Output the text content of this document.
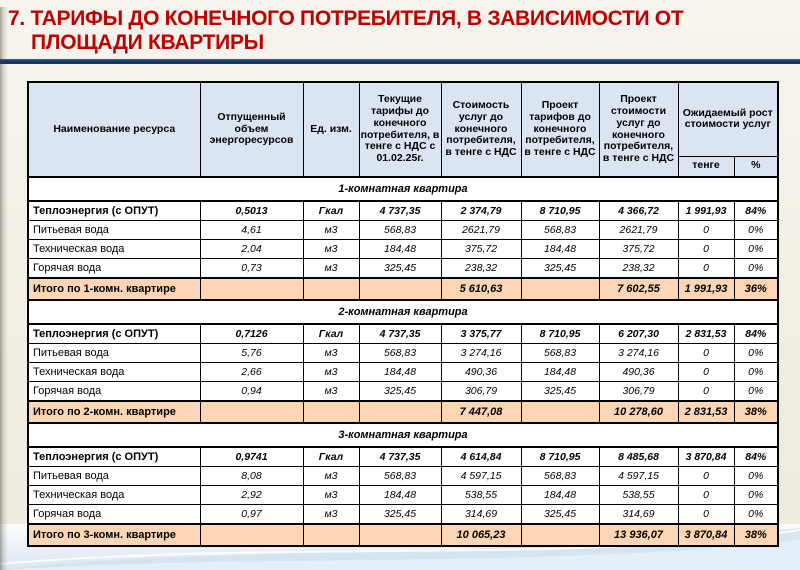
7. ТАРИФЫ ДО КОНЕЧНОГО ПОТРЕБИТЕЛЯ, В ЗАВИСИМОСТИ ОТ
ПЛОЩАДИ КВАРТИРЫ
Наименование ресурса	Отпущенный объем энергоресурсов	Ед. изм.	Текущие тарифы до конечного потребителя, в тенге с НДС с 01.02.25г.	Стоимость услуг до конечного потребителя, в тенге с НДС	Проект тарифов до конечного потребителя, в тенге с НДС	Проект стоимости услуг до конечного потребителя, в тенге с НДС	Ожидаемый рост стоимости услуг	
							тенге	%
1-комнатная квартира								
Теплоэнергия (с ОПУТ)	0,5013	Гкал	4 737,35	2 374,79	8 710,95	4 366,72	1 991,93	84%
Питьевая вода	4,61	м3	568,83	2621,79	568,83	2621,79	0	0%
Техническая вода	2,04	м3	184,48	375,72	184,48	375,72	0	0%
Горячая вода	0,73	м3	325,45	238,32	325,45	238,32	0	0%
Итого по 1-комн. квартире				5 610,63		7 602,55	1 991,93	36%
2-комнатная квартира								
Теплоэнергия (с ОПУТ)	0,7126	Гкал	4 737,35	3 375,77	8 710,95	6 207,30	2 831,53	84%
Питьевая вода	5,76	м3	568,83	3 274,16	568,83	3 274,16	0	0%
Техническая вода	2,66	м3	184,48	490,36	184,48	490,36	0	0%
Горячая вода	0,94	м3	325,45	306,79	325,45	306,79	0	0%
Итого по 2-комн. квартире				7 447,08		10 278,60	2 831,53	38%
3-комнатная квартира								
Теплоэнергия (с ОПУТ)	0,9741	Гкал	4 737,35	4 614,84	8 710,95	8 485,68	3 870,84	84%
Питьевая вода	8,08	м3	568,83	4 597,15	568,83	4 597,15	0	0%
Техническая вода	2,92	м3	184,48	538,55	184,48	538,55	0	0%
Горячая вода	0,97	м3	325,45	314,69	325,45	314,69	0	0%
Итого по 3-комн. квартире				10 065,23		13 936,07	3 870,84	38%
